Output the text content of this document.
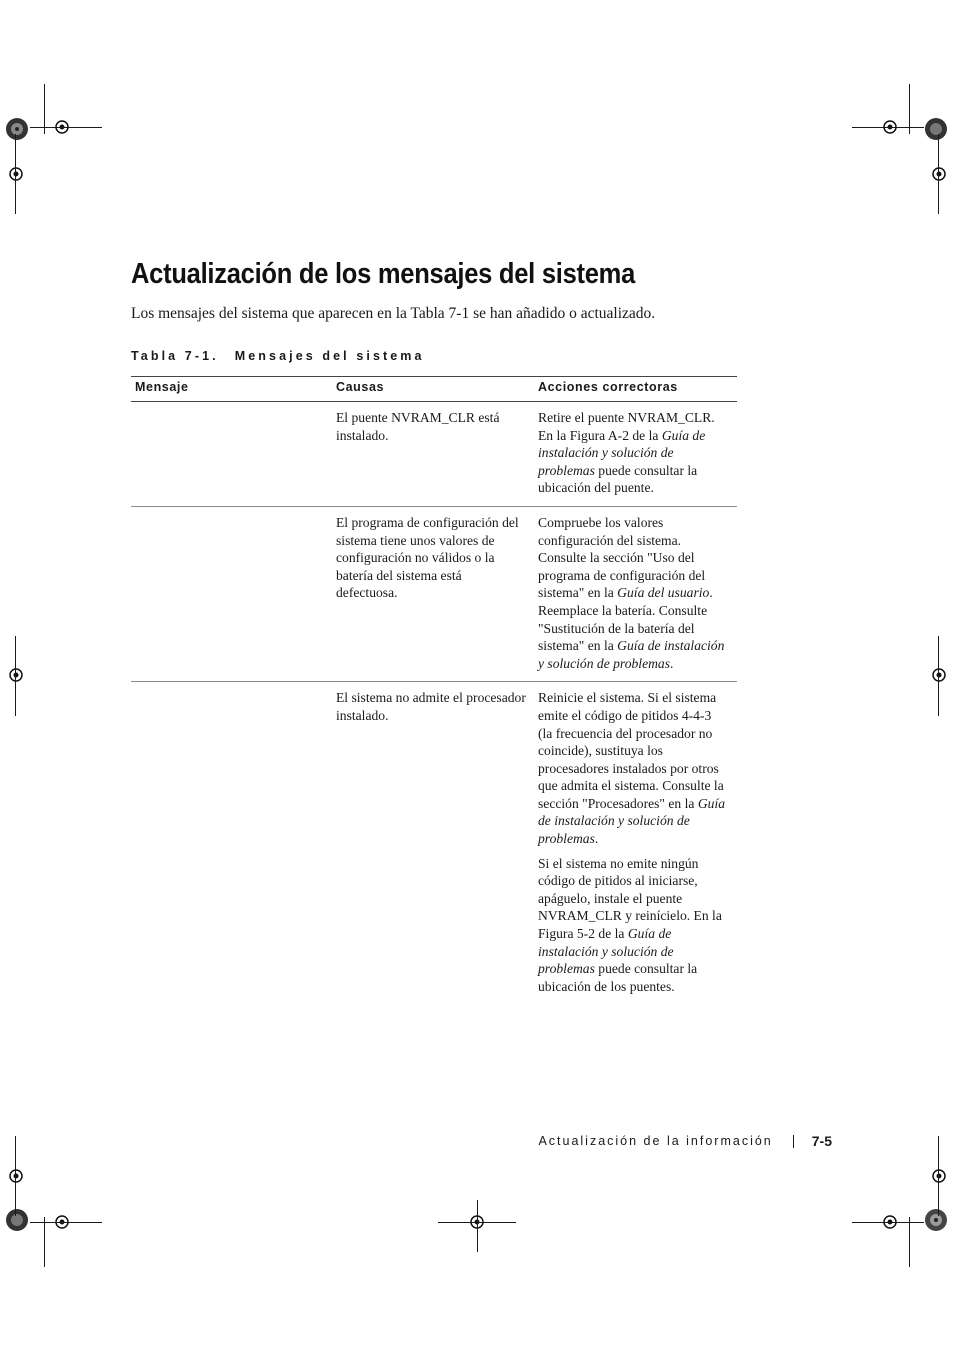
Actualización de los mensajes del sistema

Los mensajes del sistema que aparecen en la Tabla 7-1 se han añadido o actualizado.

Tabla 7-1. Mensajes del sistema
Mensaje	Causas	Acciones correctoras
	El puente NVRAM_CLR está instalado.	Retire el puente NVRAM_CLR. En la Figura A-2 de la Guía de instalación y solución de problemas puede consultar la ubicación del puente.

	El programa de configuración del sistema tiene unos valores de configuración no válidos o la batería del sistema está defectuosa.	Compruebe los valores configuración del sistema. Consulte la sección "Uso del programa de configuración del sistema" en la Guía del usuario. Reemplace la batería. Consulte "Sustitución de la batería del sistema" en la Guía de instalación y solución de problemas.

	El sistema no admite el procesador instalado.	Reinicie el sistema. Si el sistema emite el código de pitidos 4-4-3 (la frecuencia del procesador no coincide), sustituya los procesadores instalados por otros que admita el sistema. Consulte la sección "Procesadores" en la Guía de instalación y solución de problemas.

Si el sistema no emite ningún código de pitidos al iniciarse, apáguelo, instale el puente NVRAM_CLR y reinícielo. En la Figura 5-2 de la Guía de instalación y solución de problemas puede consultar la ubicación de los puentes.

Actualización de la información	7-5
